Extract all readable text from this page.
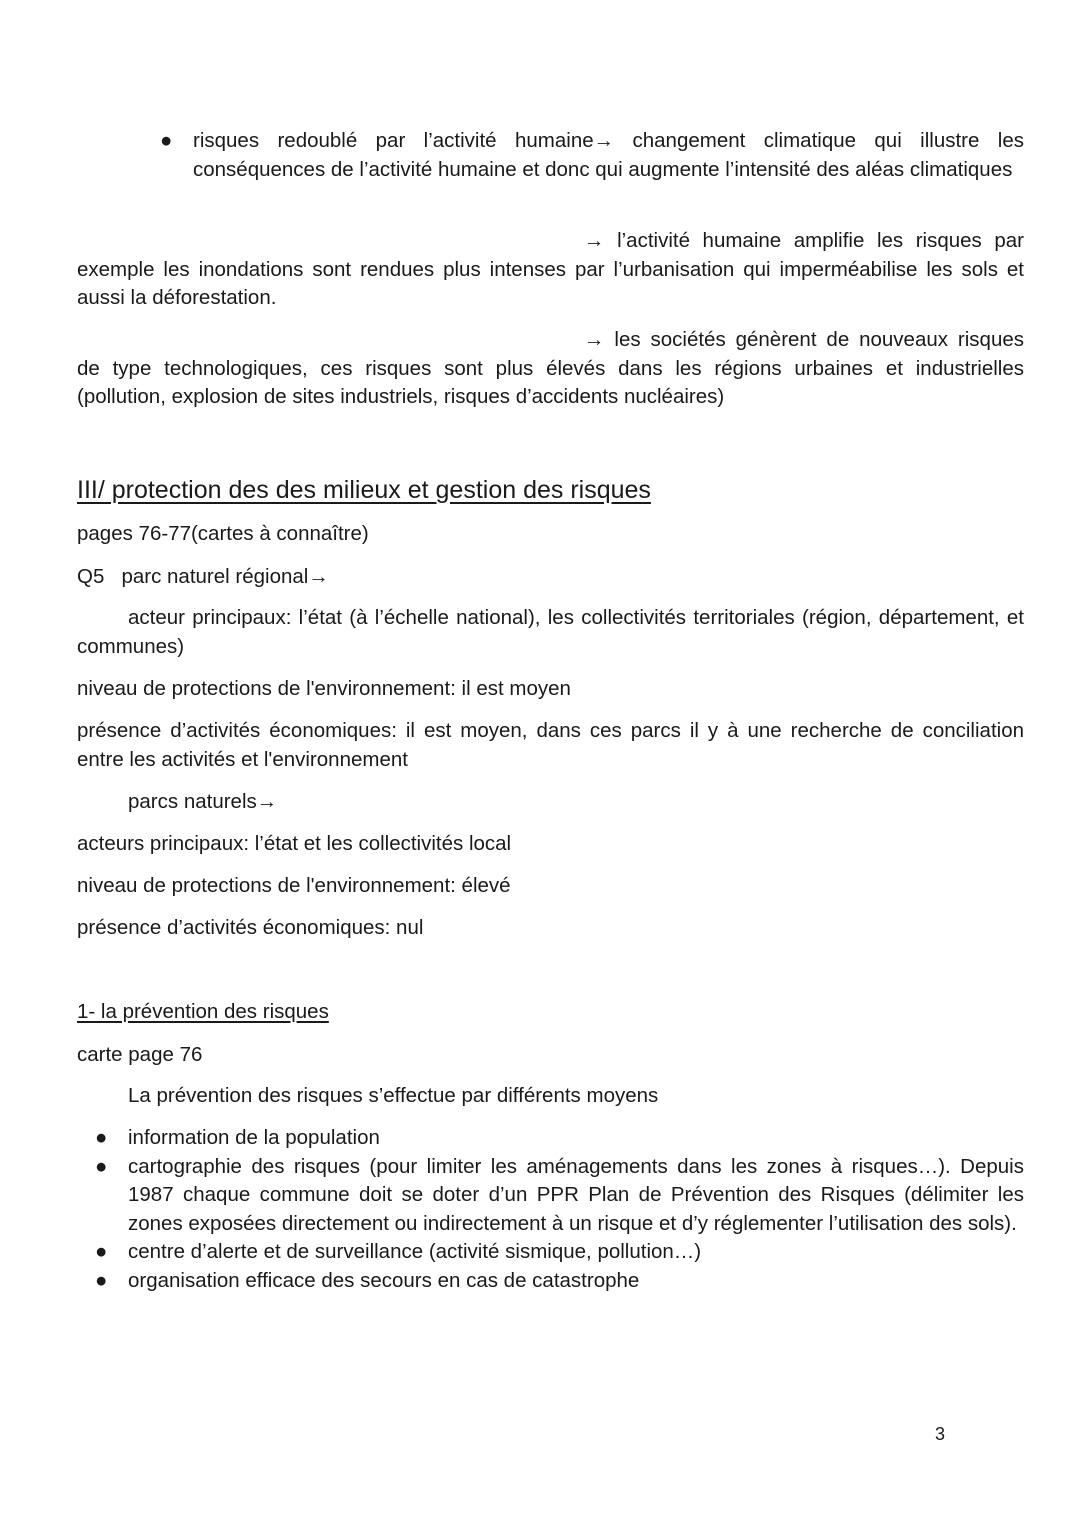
● risques redoublé par l’activité humaine→ changement climatique qui illustre les conséquences de l’activité humaine et donc qui augmente l’intensité des aléas climatiques

→ l’activité humaine amplifie les risques par exemple les inondations sont rendues plus intenses par l’urbanisation qui imperméabilise les sols et aussi la déforestation.

→ les sociétés génèrent de nouveaux risques de type technologiques, ces risques sont plus élevés dans les régions urbaines et industrielles (pollution, explosion de sites industriels, risques d’accidents nucléaires)

III/ protection des des milieux et gestion des risques

pages 76-77(cartes à connaître)

Q5 parc naturel régional→

acteur principaux: l’état (à l’échelle national), les collectivités territoriales (région, département, et communes)

niveau de protections de l'environnement: il est moyen

présence d’activités économiques: il est moyen, dans ces parcs il y à une recherche de conciliation entre les activités et l'environnement

parcs naturels→

acteurs principaux: l’état et les collectivités local

niveau de protections de l'environnement: élevé

présence d’activités économiques: nul

1- la prévention des risques

carte page 76

La prévention des risques s’effectue par différents moyens

● information de la population
● cartographie des risques (pour limiter les aménagements dans les zones à risques…). Depuis 1987 chaque commune doit se doter d’un PPR Plan de Prévention des Risques (délimiter les zones exposées directement ou indirectement à un risque et d’y réglementer l’utilisation des sols).
● centre d’alerte et de surveillance (activité sismique, pollution…)
● organisation efficace des secours en cas de catastrophe
3
